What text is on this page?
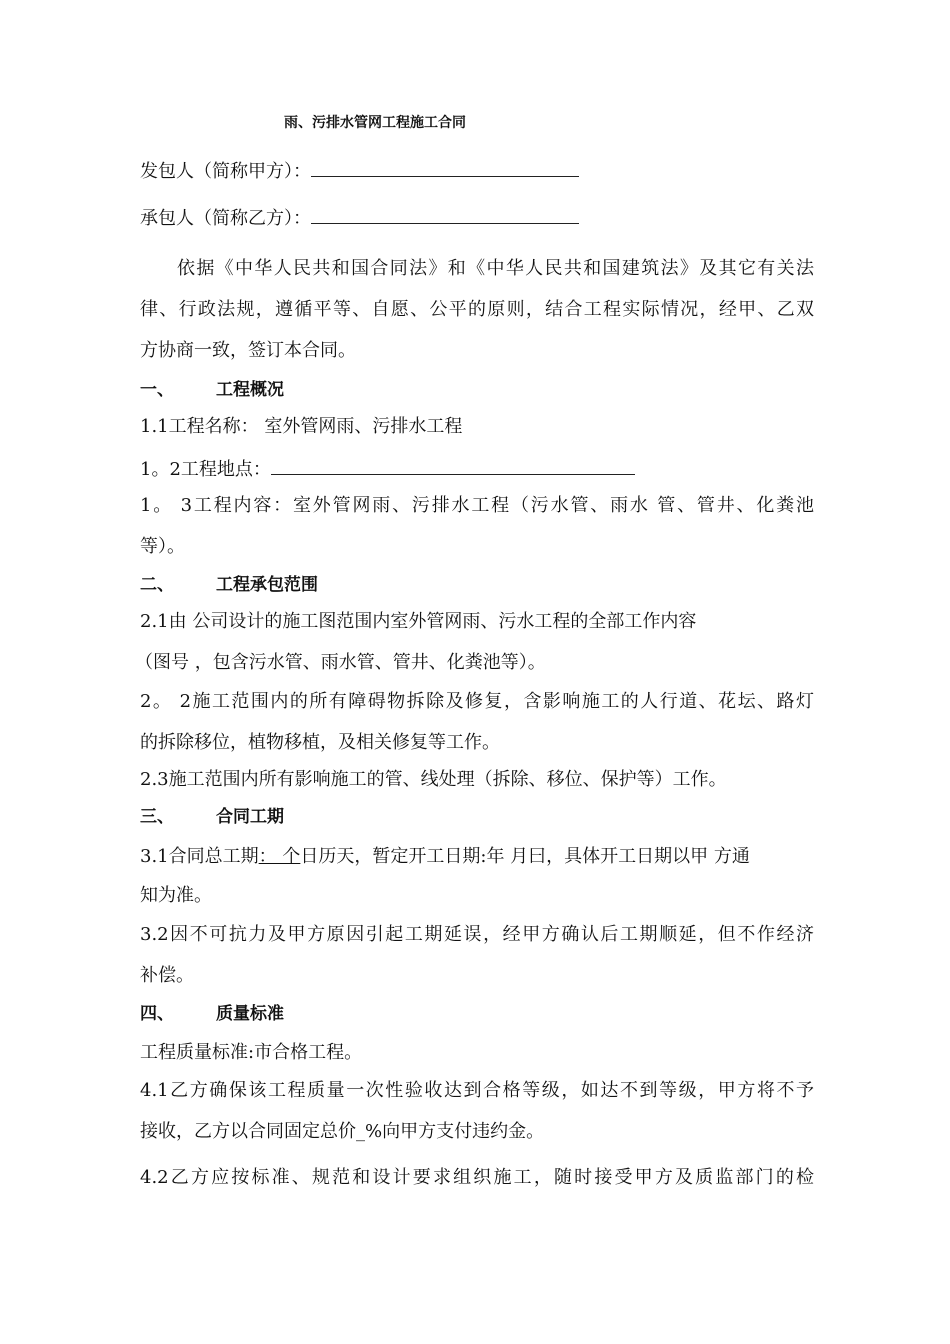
雨、污排水管网工程施工合同
发包人（简称甲方）：
承包人（简称乙方）：
依据《中华人民共和国合同法》和《中华人民共和国建筑法》及其它有关法
律、行政法规，遵循平等、自愿、公平的原则，结合工程实际情况，经甲、乙双
方协商一致，签订本合同。
一、 工程概况
1.1工程名称： 室外管网雨、污排水工程
1。2工程地点：
1。 3工程内容：室外管网雨、污排水工程（污水管、雨水 管、管井、化粪池
等）。
二、 工程承包范围
2.1由 公司设计的施工图范围内室外管网雨、污水工程的全部工作内容
（图号 ，包含污水管、雨水管、管井、化粪池等）。
2。 2施工范围内的所有障碍物拆除及修复，含影响施工的人行道、花坛、路灯
的拆除移位，植物移植，及相关修复等工作。
2.3施工范围内所有影响施工的管、线处理（拆除、移位、保护等）工作。
三、 合同工期
3.1合同总工期： 个日历天，暂定开工日期:年 月曰，具体开工日期以甲 方通
知为准。
3.2因不可抗力及甲方原因引起工期延误，经甲方确认后工期顺延，但不作经济
补偿。
四、 质量标准
工程质量标准:市合格工程。
4.1乙方确保该工程质量一次性验收达到合格等级，如达不到等级，甲方将不予
接收，乙方以合同固定总价_%向甲方支付违约金。
4.2乙方应按标准、规范和设计要求组织施工，随时接受甲方及质监部门的检
